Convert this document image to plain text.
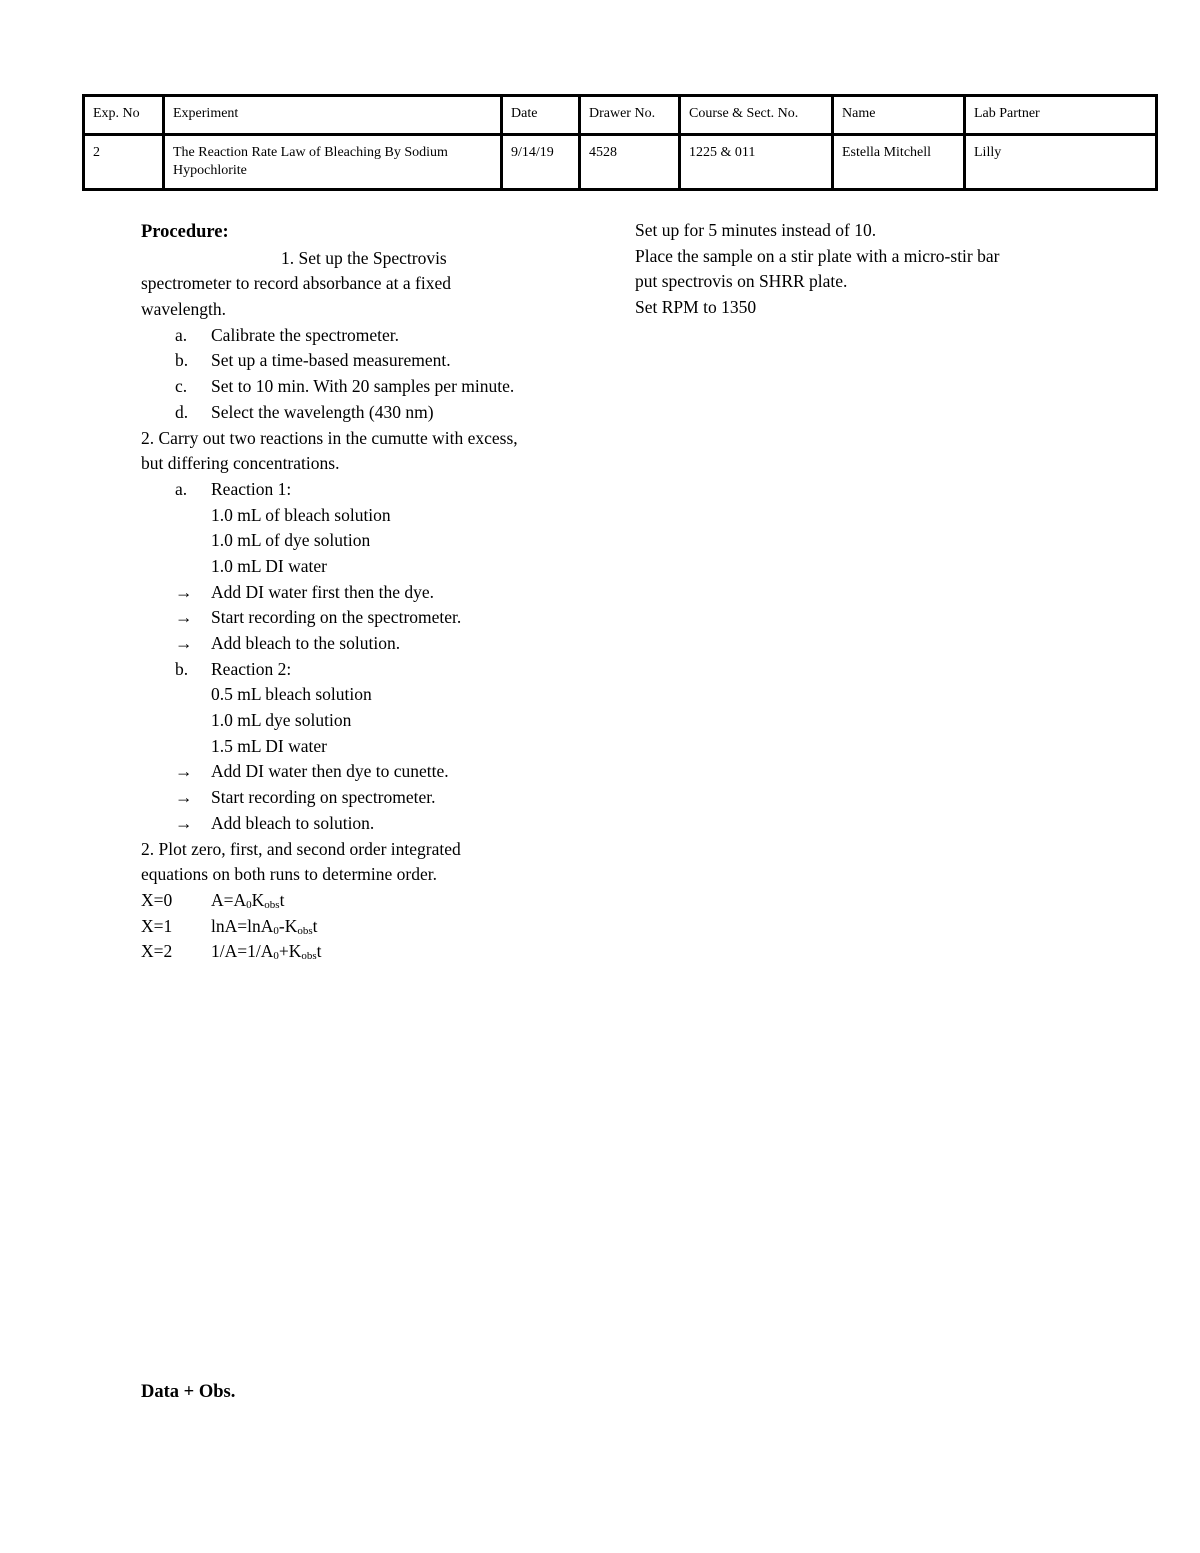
Exp. No	Experiment	Date	Drawer No.	Course & Sect. No.	Name	Lab Partner
2	The Reaction Rate Law of Bleaching By Sodium Hypochlorite	9/14/19	4528	1225 & 011	Estella Mitchell	Lilly
Procedure:
1. Set up the Spectrovis
spectrometer to record absorbance at a fixed
wavelength.
a.	Calibrate the spectrometer.
b.	Set up a time-based measurement.
c.	Set to 10 min. With 20 samples per minute.
d.	Select the wavelength (430 nm)
2. Carry out two reactions in the cumutte with excess,
but differing concentrations.
a.	Reaction 1:
1.0 mL of bleach solution
1.0 mL of dye solution
1.0 mL DI water
→	Add DI water first then the dye.
→	Start recording on the spectrometer.
→	Add bleach to the solution.
b.	Reaction 2:
0.5 mL bleach solution
1.0 mL dye solution
1.5 mL DI water
→	Add DI water then dye to cunette.
→	Start recording on spectrometer.
→	Add bleach to solution.
2. Plot zero, first, and second order integrated
equations on both runs to determine order.
X=0	$A=A_0K_{obs}t$
X=1	$\ln A=\ln A_0-K_{obs}t$
X=2	$1/A=1/A_0+K_{obs}t$
Set up for 5 minutes instead of 10.
Place the sample on a stir plate with a micro-stir bar
put spectrovis on SHRR plate.
Set RPM to 1350
Data + Obs.
